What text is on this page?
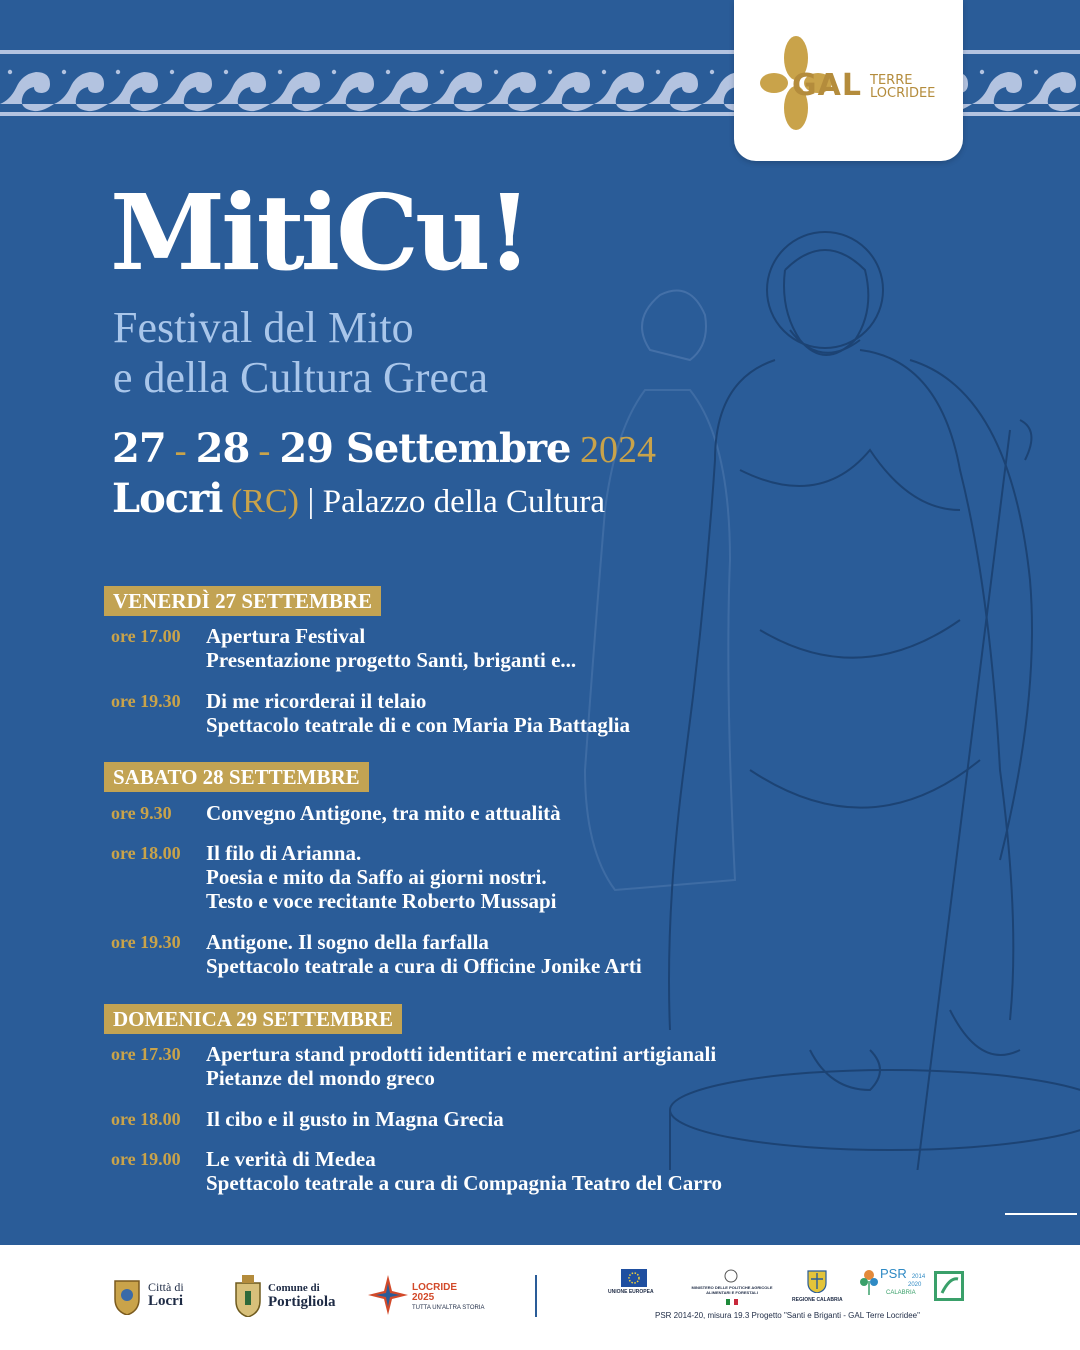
GAL TERRE
LOCRIDEE
MitiCu!
Festival del Mito
e della Cultura Greca
27 - 28 - 29 Settembre 2024
Locri (RC) | Palazzo della Cultura
VENERDÌ 27 SETTEMBRE
ore 17.00	Apertura Festival
Presentazione progetto Santi, briganti e...
ore 19.30	Di me ricorderai il telaio
Spettacolo teatrale di e con Maria Pia Battaglia
SABATO 28 SETTEMBRE
ore 9.30	Convegno Antigone, tra mito e attualità
ore 18.00	Il filo di Arianna.
Poesia e mito da Saffo ai giorni nostri.
Testo e voce recitante Roberto Mussapi
ore 19.30	Antigone. Il sogno della farfalla
Spettacolo teatrale a cura di Officine Jonike Arti
DOMENICA 29 SETTEMBRE
ore 17.30	Apertura stand prodotti identitari e mercatini artigianali
Pietanze del mondo greco
ore 18.00	Il cibo e il gusto in Magna Grecia
ore 19.00	Le verità di Medea
Spettacolo teatrale a cura di Compagnia Teatro del Carro
Città di
Locri
Comune di
Portigliola
LOCRIDE
2025
TUTTA UN'ALTRA STORIA
UNIONE EUROPEA
MINISTERO DELLE POLITICHE AGRICOLE ALIMENTARI E FORESTALI
REGIONE CALABRIA
PSR 2014
2020
CALABRIA
PSR 2014-20, misura 19.3 Progetto "Santi e Briganti - GAL Terre Locridee"
